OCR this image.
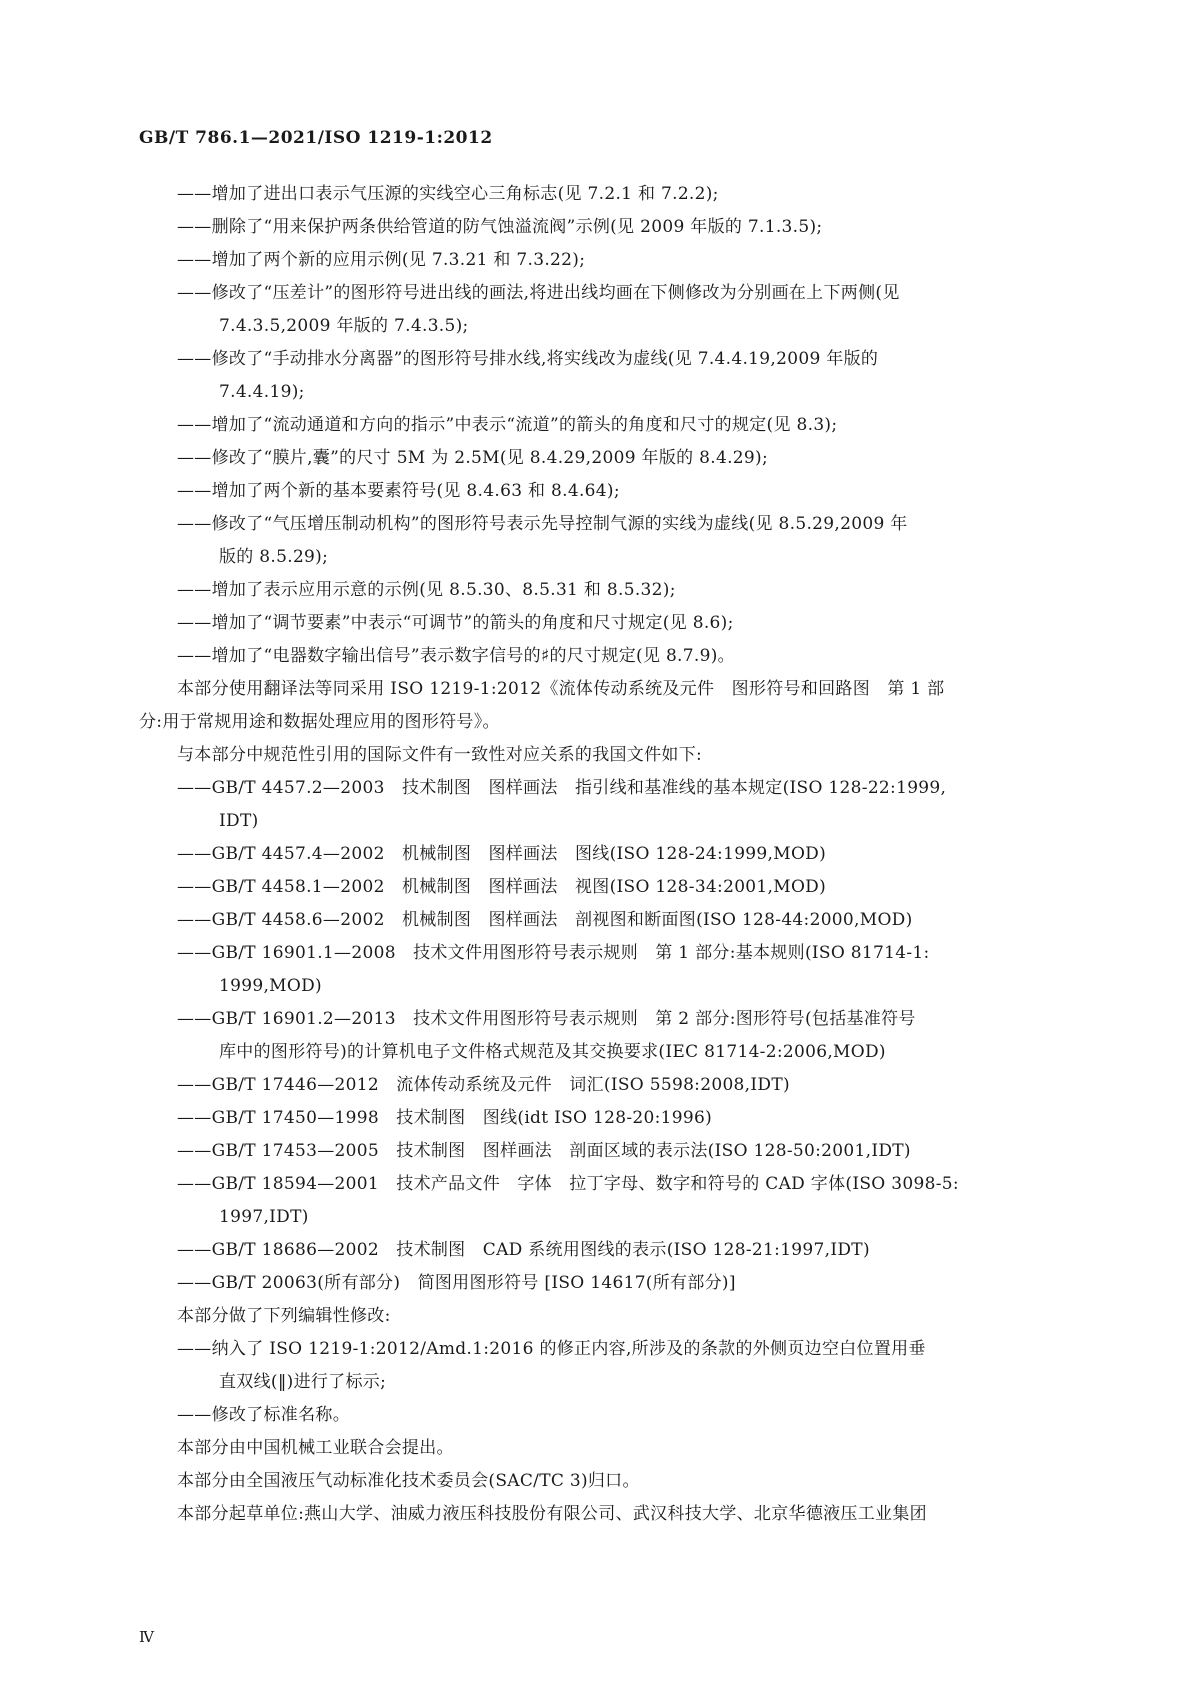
GB/T 786.1—2021/ISO 1219-1:2012
——增加了进出口表示气压源的实线空心三角标志(见 7.2.1 和 7.2.2);
——删除了“用来保护两条供给管道的防气蚀溢流阀”示例(见 2009 年版的 7.1.3.5);
——增加了两个新的应用示例(见 7.3.21 和 7.3.22);
——修改了“压差计”的图形符号进出线的画法,将进出线均画在下侧修改为分别画在上下两侧(见
7.4.3.5,2009 年版的 7.4.3.5);
——修改了“手动排水分离器”的图形符号排水线,将实线改为虚线(见 7.4.4.19,2009 年版的
7.4.4.19);
——增加了“流动通道和方向的指示”中表示“流道”的箭头的角度和尺寸的规定(见 8.3);
——修改了“膜片,囊”的尺寸 5M 为 2.5M(见 8.4.29,2009 年版的 8.4.29);
——增加了两个新的基本要素符号(见 8.4.63 和 8.4.64);
——修改了“气压增压制动机构”的图形符号表示先导控制气源的实线为虚线(见 8.5.29,2009 年
版的 8.5.29);
——增加了表示应用示意的示例(见 8.5.30、8.5.31 和 8.5.32);
——增加了“调节要素”中表示“可调节”的箭头的角度和尺寸规定(见 8.6);
——增加了“电器数字输出信号”表示数字信号的♯的尺寸规定(见 8.7.9)。
本部分使用翻译法等同采用 ISO 1219-1:2012《流体传动系统及元件　图形符号和回路图　第 1 部
分:用于常规用途和数据处理应用的图形符号》。
与本部分中规范性引用的国际文件有一致性对应关系的我国文件如下:
——GB/T 4457.2—2003　技术制图　图样画法　指引线和基准线的基本规定(ISO 128-22:1999,
IDT)
——GB/T 4457.4—2002　机械制图　图样画法　图线(ISO 128-24:1999,MOD)
——GB/T 4458.1—2002　机械制图　图样画法　视图(ISO 128-34:2001,MOD)
——GB/T 4458.6—2002　机械制图　图样画法　剖视图和断面图(ISO 128-44:2000,MOD)
——GB/T 16901.1—2008　技术文件用图形符号表示规则　第 1 部分:基本规则(ISO 81714-1:
1999,MOD)
——GB/T 16901.2—2013　技术文件用图形符号表示规则　第 2 部分:图形符号(包括基准符号
库中的图形符号)的计算机电子文件格式规范及其交换要求(IEC 81714-2:2006,MOD)
——GB/T 17446—2012　流体传动系统及元件　词汇(ISO 5598:2008,IDT)
——GB/T 17450—1998　技术制图　图线(idt ISO 128-20:1996)
——GB/T 17453—2005　技术制图　图样画法　剖面区域的表示法(ISO 128-50:2001,IDT)
——GB/T 18594—2001　技术产品文件　字体　拉丁字母、数字和符号的 CAD 字体(ISO 3098-5:
1997,IDT)
——GB/T 18686—2002　技术制图　CAD 系统用图线的表示(ISO 128-21:1997,IDT)
——GB/T 20063(所有部分)　简图用图形符号 [ISO 14617(所有部分)]
本部分做了下列编辑性修改:
——纳入了 ISO 1219-1:2012/Amd.1:2016 的修正内容,所涉及的条款的外侧页边空白位置用垂
直双线(‖)进行了标示;
——修改了标准名称。
本部分由中国机械工业联合会提出。
本部分由全国液压气动标准化技术委员会(SAC/TC 3)归口。
本部分起草单位:燕山大学、油威力液压科技股份有限公司、武汉科技大学、北京华德液压工业集团
Ⅳ
